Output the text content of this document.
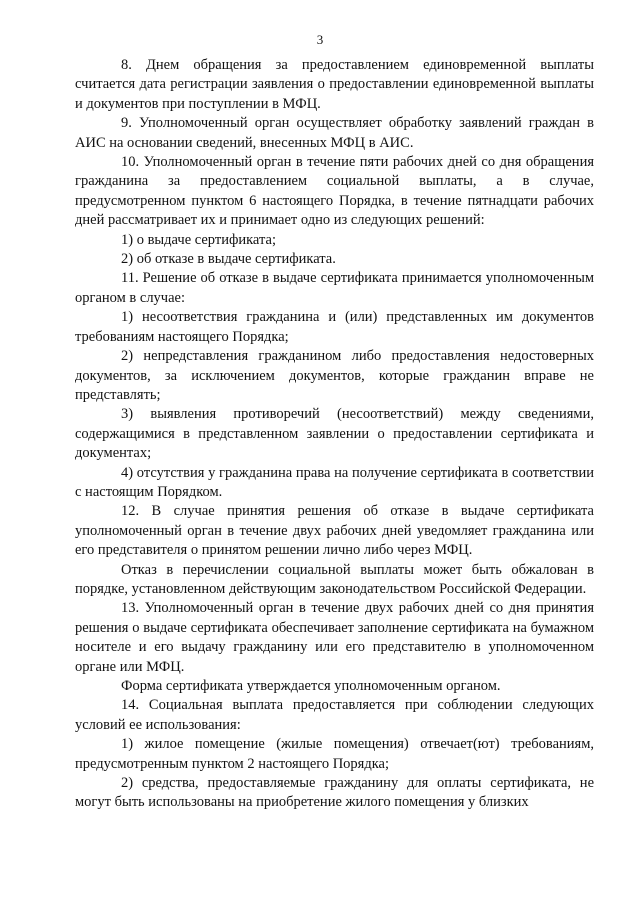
3

8. Днем обращения за предоставлением единовременной выплаты считается дата регистрации заявления о предоставлении единовременной выплаты и документов при поступлении в МФЦ.

9. Уполномоченный орган осуществляет обработку заявлений граждан в АИС на основании сведений, внесенных МФЦ в АИС.

10. Уполномоченный орган в течение пяти рабочих дней со дня обращения гражданина за предоставлением социальной выплаты, а в случае, предусмотренном пунктом 6 настоящего Порядка, в течение пятнадцати рабочих дней рассматривает их и принимает одно из следующих решений:

1) о выдаче сертификата;

2) об отказе в выдаче сертификата.

11. Решение об отказе в выдаче сертификата принимается уполномоченным органом в случае:

1) несоответствия гражданина и (или) представленных им документов требованиям настоящего Порядка;

2) непредставления гражданином либо предоставления недостоверных документов, за исключением документов, которые гражданин вправе не представлять;

3) выявления противоречий (несоответствий) между сведениями, содержащимися в представленном заявлении о предоставлении сертификата и документах;

4) отсутствия у гражданина права на получение сертификата в соответствии с настоящим Порядком.

12. В случае принятия решения об отказе в выдаче сертификата уполномоченный орган в течение двух рабочих дней уведомляет гражданина или его представителя о принятом решении лично либо через МФЦ.

Отказ в перечислении социальной выплаты может быть обжалован в порядке, установленном действующим законодательством Российской Федерации.

13. Уполномоченный орган в течение двух рабочих дней со дня принятия решения о выдаче сертификата обеспечивает заполнение сертификата на бумажном носителе и его выдачу гражданину или его представителю в уполномоченном органе или МФЦ.

Форма сертификата утверждается уполномоченным органом.

14. Социальная выплата предоставляется при соблюдении следующих условий ее использования:

1) жилое помещение (жилые помещения) отвечает(ют) требованиям, предусмотренным пунктом 2 настоящего Порядка;

2) средства, предоставляемые гражданину для оплаты сертификата, не могут быть использованы на приобретение жилого помещения у близких
